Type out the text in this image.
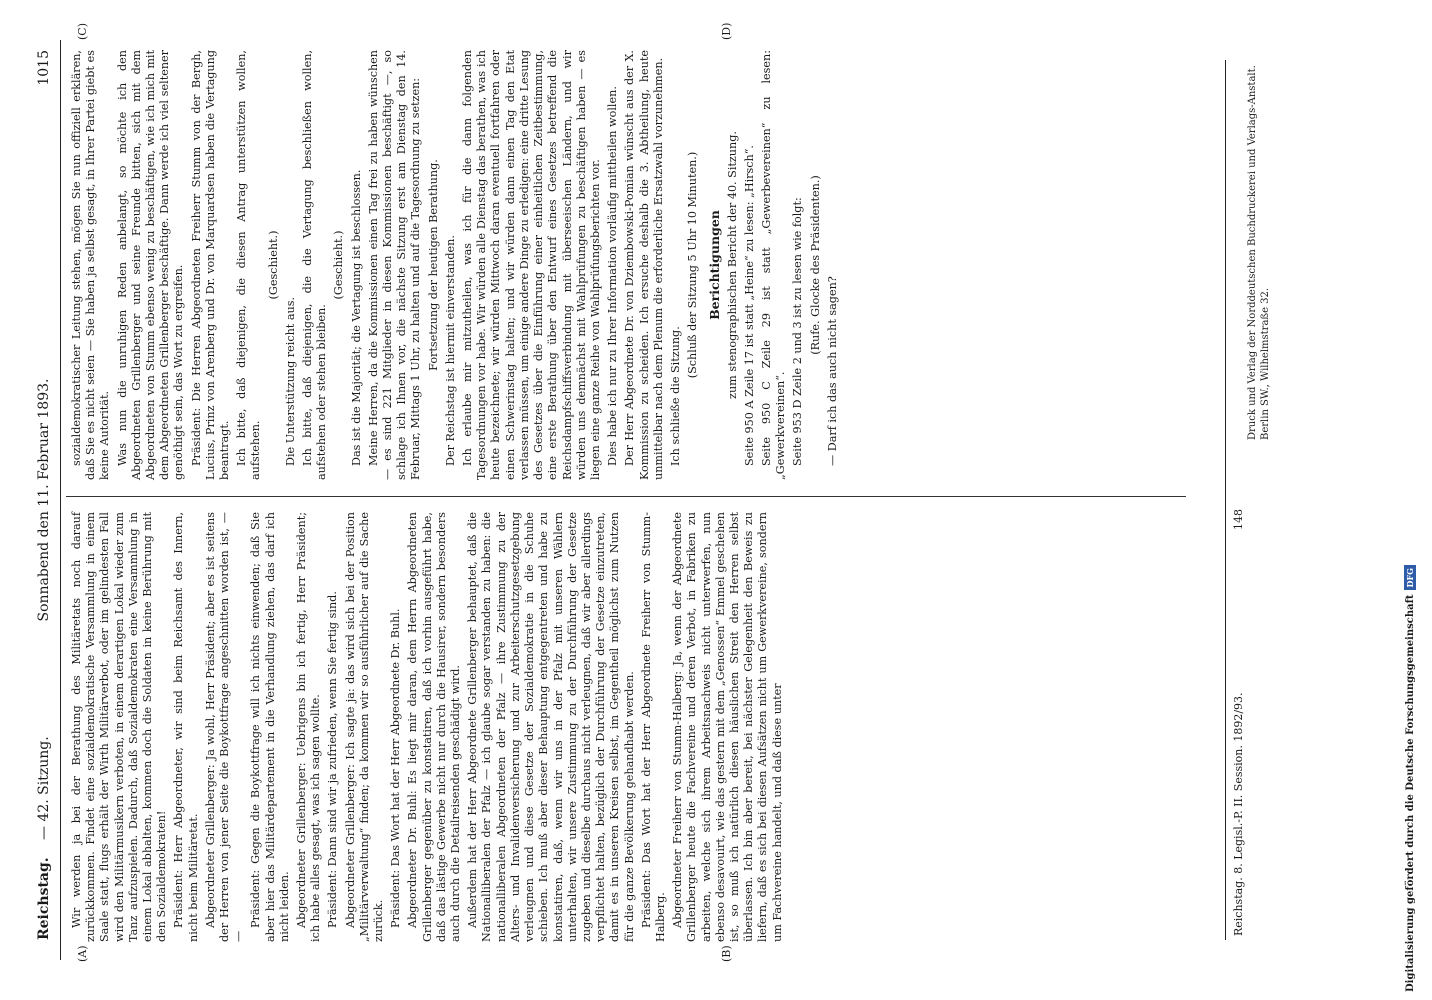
Reichstag.
— 42. Sitzung.
Sonnabend den 11. Februar 1893.
1015
(A)	(B)
(C)	(D)

Wir werden ja bei der Berathung des Militäretats noch darauf zurückkommen. Findet eine sozialdemokratische Versammlung in einem Saale statt, flugs erhält der Wirth Militärverbot, oder im gelindesten Fall wird den Militärmusikern verboten, in einem derartigen Lokal wieder zum Tanz aufzuspielen. Dadurch, daß Sozialdemokraten eine Versammlung in einem Lokal abhalten, kommen doch die Soldaten in keine Berührung mit den Sozialdemokraten! Präsident: Herr Abgeordneter, wir sind beim Reichsamt des Innern, nicht beim Militäretat. Abgeordneter Grillenberger: Ja wohl, Herr Präsident; aber es ist seitens der Herren von jener Seite die Boykottfrage angeschnitten worden ist, — —

Präsident: Gegen die Boykottfrage will ich nichts einwenden; daß Sie aber hier das Militärdepartement in die Verhandlung ziehen, das darf ich nicht leiden. Abgeordneter Grillenberger: Uebrigens bin ich fertig, Herr Präsident; ich habe alles gesagt, was ich sagen wollte. Präsident: Dann sind wir ja zufrieden, wenn Sie fertig sind. Abgeordneter Grillenberger: Ich sagte ja: das wird sich bei der Position „Militärverwaltung“ finden; da kommen wir so ausführlicher auf die Sache zurück. Präsident: Das Wort hat der Herr Abgeordnete Dr. Buhl. Abgeordneter Dr. Buhl: Es liegt mir daran, dem Herrn Abgeordneten Grillenberger gegenüber zu konstatiren, daß ich vorhin ausgeführt habe, daß das lästige Gewerbe nicht nur durch die Hausirer, sondern besonders auch durch die Detailreisenden geschädigt wird. Außerdem hat der Herr Abgeordnete Grillenberger behauptet, daß die Nationalliberalen der Pfalz — ich glaube sogar verstanden zu haben: die nationalliberalen Abgeordneten der Pfalz — ihre Zustimmung zu der Alters- und Invalidenversicherung und zur Arbeiterschutzgesetzgebung verleugnen und diese Gesetze der Sozialdemokratie in die Schuhe schieben. Ich muß aber dieser Behauptung entgegentreten und habe zu konstatiren, daß, wenn wir uns in der Pfalz mit unseren Wählern unterhalten, wir unsere Zustimmung zu der Durchführung der Gesetze zugeben und dieselbe durchaus nicht verleugnen, daß wir aber allerdings verpflichtet halten, bezüglich der Durchführung der Gesetze einzutreten, damit es in unseren Kreisen selbst, im Gegentheil möglichst zum Nutzen für die ganze Bevölkerung gehandhabt werden. Präsident: Das Wort hat der Herr Abgeordnete Freiherr von Stumm-Halberg. Abgeordneter Freiherr von Stumm-Halberg: Ja, wenn der Abgeordnete Grillenberger heute die Fachvereine und deren Verbot, in Fabriken zu arbeiten, welche sich ihrem Arbeitsnachweis nicht unterwerfen, nun ebenso desavouirt, wie das gestern mit dem „Genossen“ Emmel geschehen ist, so muß ich natürlich diesen häuslichen Streit den Herren selbst überlassen. Ich bin aber bereit, bei nächster Gelegenheit den Beweis zu liefern, daß es sich bei diesen Aufsätzen nicht um Gewerkvereine, sondern um Fachvereine handelt, und daß diese unter

sozialdemokratischer Leitung stehen, mögen Sie nun offiziell erklären, daß Sie es nicht seien — Sie haben ja selbst gesagt, in Ihrer Partei giebt es keine Autorität. Was nun die unruhigen Reden anbelangt, so möchte ich den Abgeordneten Grillenberger und seine Freunde bitten, sich mit dem Abgeordneten von Stumm ebenso wenig zu beschäftigen, wie ich mich mit dem Abgeordneten Grillenberger beschäftige. Dann werde ich viel seltener genöthigt sein, das Wort zu ergreifen. Präsident: Die Herren Abgeordneten Freiherr Stumm von der Bergh, Lucius, Prinz von Arenberg und Dr. von Marquardsen haben die Vertagung beantragt. Ich bitte, daß diejenigen, die diesen Antrag unterstützen wollen, aufstehen.

(Geschieht.)

Die Unterstützung reicht aus. Ich bitte, daß diejenigen, die die Vertagung beschließen wollen, aufstehen oder stehen bleiben.

(Geschieht.) Das ist die Majorität; die Vertagung ist beschlossen. Meine Herren, da die Kommissionen einen Tag frei zu haben wünschen — es sind 221 Mitglieder in diesen Kommissionen beschäftigt —, so schlage ich Ihnen vor, die nächste Sitzung erst am Dienstag den 14. Februar, Mittags 1 Uhr, zu halten und auf die Tagesordnung zu setzen: Fortsetzung der heutigen Berathung. Der Reichstag ist hiermit einverstanden. Ich erlaube mir mitzutheilen, was ich für die dann folgenden Tagesordnungen vor habe. Wir würden alle Dienstag das berathen, was ich heute bezeichnete; wir würden Mittwoch daran eventuell fortfahren oder einen Schwerinstag halten; und wir würden dann einen Tag den Etat verlassen müssen, um einige andere Dinge zu erledigen: eine dritte Lesung des Gesetzes über die Einführung einer einheitlichen Zeitbestimmung, eine erste Berathung über den Entwurf eines Gesetzes betreffend die Reichsdampfschiffsverbindung mit überseeischen Ländern, und wir würden uns demnächst mit Wahlprüfungen zu beschäftigen haben — es liegen eine ganze Reihe von Wahlprüfungsberichten vor. Dies habe ich nur zu Ihrer Information vorläufig mittheilen wollen. Der Herr Abgeordnete Dr. von Dziembowski-Pomian wünscht aus der X. Kommission zu scheiden. Ich ersuche deshalb die 3. Abtheilung, heute unmittelbar nach dem Plenum die erforderliche Ersatzwahl vorzunehmen. Ich schließe die Sitzung.

(Schluß der Sitzung 5 Uhr 10 Minuten.) Berichtigungen zum stenographischen Bericht der 40. Sitzung. Seite 950 A Zeile 17 ist statt „Heine“ zu lesen: „Hirsch“. Seite 950 C Zeile 29 ist statt „Gewerbevereinen“ zu lesen: „Gewerkvereinen“. Seite 953 D Zeile 2 und 3 ist zu lesen wie folgt: (Rufe. Glocke des Präsidenten.)

— Darf ich das auch nicht sagen?

Reichstag. 8. Legisl.-P. II. Session. 1892/93.
148
Druck und Verlag der Norddeutschen Buchdruckerei und Verlags-Anstalt. Berlin SW., Wilhelmstraße 32.
Digitalisierung gefördert durch die Deutsche ForschungsgemeinschaftDFG
